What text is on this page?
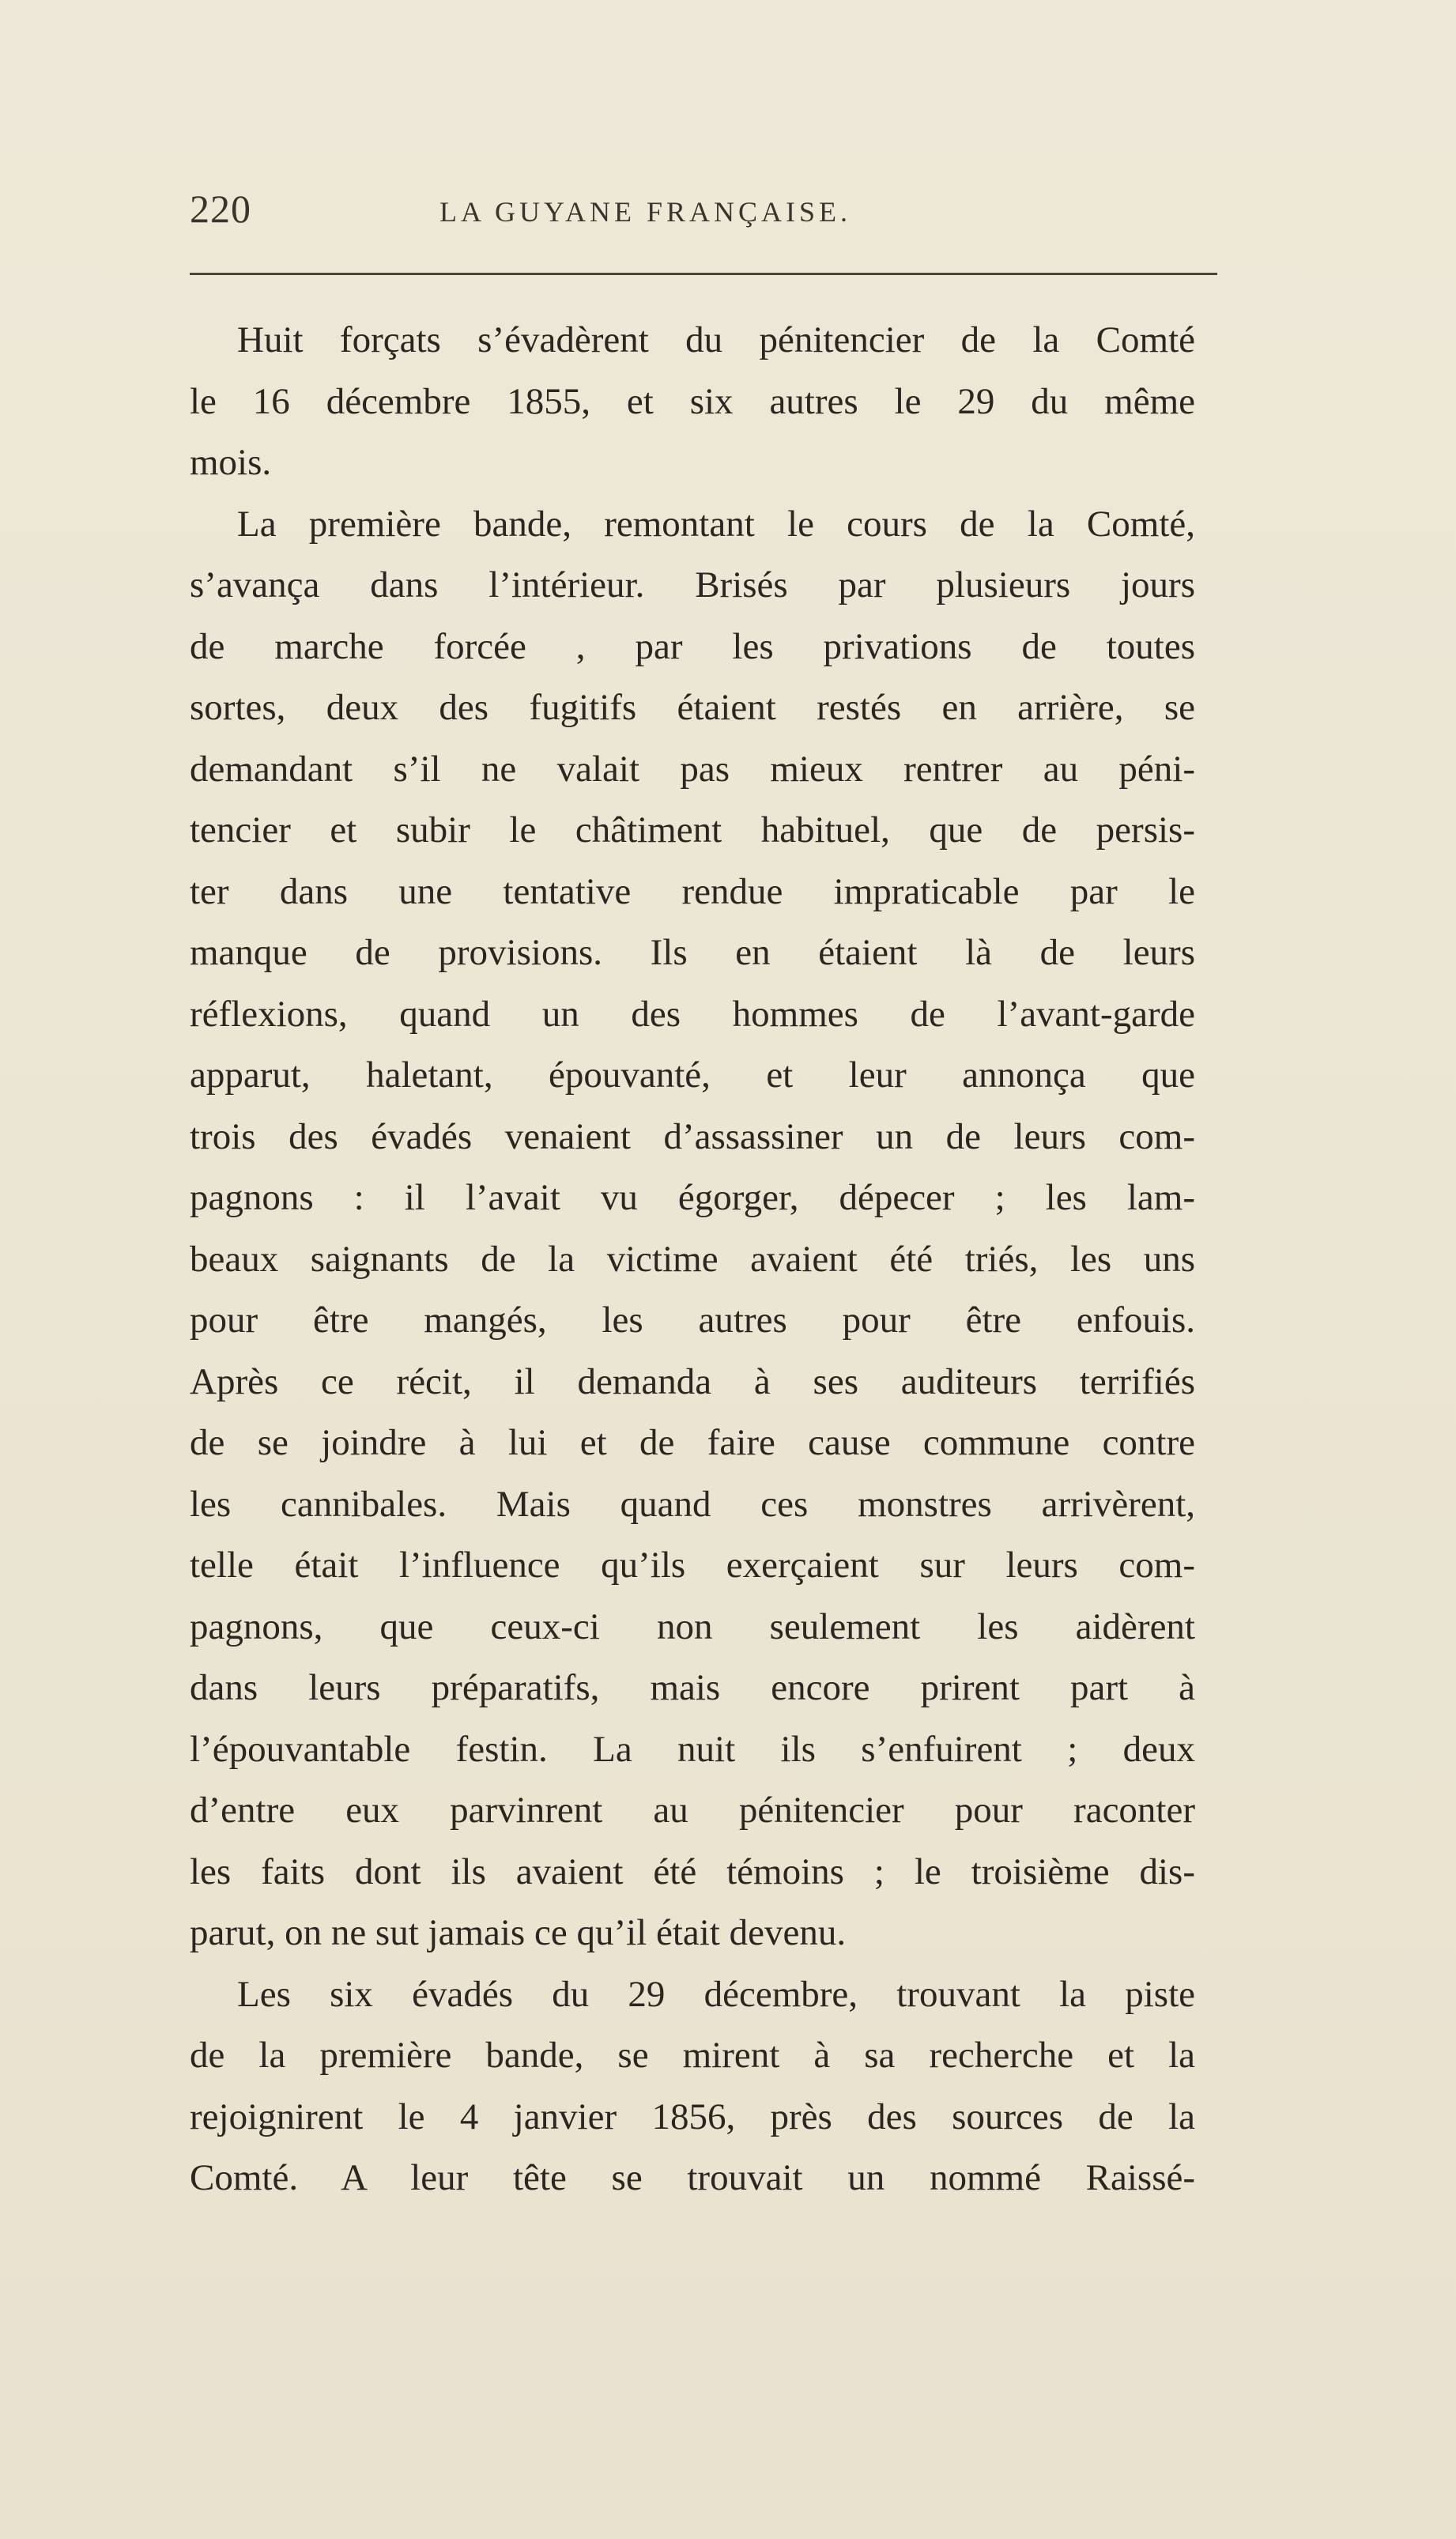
220	LA GUYANE FRANÇAISE.
Huit forçats s’évadèrent du pénitencier de la Comté
le 16 décembre 1855, et six autres le 29 du même
mois.
La première bande, remontant le cours de la Comté,
s’avança dans l’intérieur. Brisés par plusieurs jours
de marche forcée , par les privations de toutes
sortes, deux des fugitifs étaient restés en arrière, se
demandant s’il ne valait pas mieux rentrer au péni-
tencier et subir le châtiment habituel, que de persis-
ter dans une tentative rendue impraticable par le
manque de provisions. Ils en étaient là de leurs
réflexions, quand un des hommes de l’avant-garde
apparut, haletant, épouvanté, et leur annonça que
trois des évadés venaient d’assassiner un de leurs com-
pagnons : il l’avait vu égorger, dépecer ; les lam-
beaux saignants de la victime avaient été triés, les uns
pour être mangés, les autres pour être enfouis.
Après ce récit, il demanda à ses auditeurs terrifiés
de se joindre à lui et de faire cause commune contre
les cannibales. Mais quand ces monstres arrivèrent,
telle était l’influence qu’ils exerçaient sur leurs com-
pagnons, que ceux-ci non seulement les aidèrent
dans leurs préparatifs, mais encore prirent part à
l’épouvantable festin. La nuit ils s’enfuirent ; deux
d’entre eux parvinrent au pénitencier pour raconter
les faits dont ils avaient été témoins ; le troisième dis-
parut, on ne sut jamais ce qu’il était devenu.
Les six évadés du 29 décembre, trouvant la piste
de la première bande, se mirent à sa recherche et la
rejoignirent le 4 janvier 1856, près des sources de la
Comté. A leur tête se trouvait un nommé Raissé-
